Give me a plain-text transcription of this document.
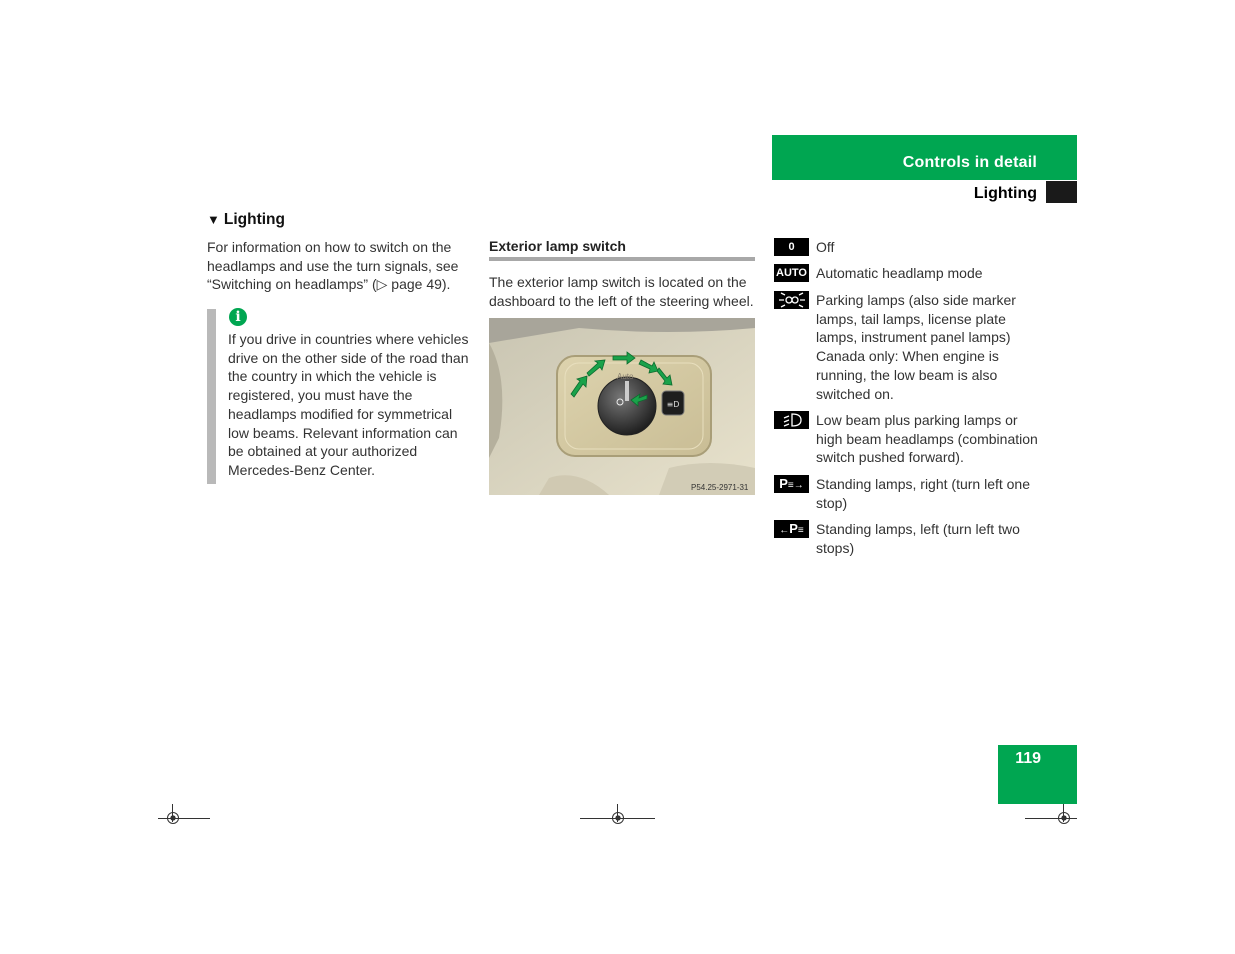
Controls in detail
Lighting
▼ Lighting
For information on how to switch on the headlamps and use the turn signals, see “Switching on headlamps” (▷ page 49).
i
If you drive in countries where vehicles drive on the other side of the road than the country in which the vehicle is registered, you must have the headlamps modified for symmetrical low beams. Relevant information can be obtained at your authorized Mercedes-Benz Center.
Exterior lamp switch
The exterior lamp switch is located on the dashboard to the left of the steering wheel.
≡D
Auto
P54.25-2971-31
0	Off
AUTO Automatic headlamp mode
Parking lamps (also side marker lamps, tail lamps, license plate lamps, instrument panel lamps) Canada only: When engine is running, the low beam is also switched on.
Low beam plus parking lamps or high beam headlamps (combination switch pushed forward).
P≡→ Standing lamps, right (turn left one stop)
←P≡ Standing lamps, left (turn left two stops)
119
